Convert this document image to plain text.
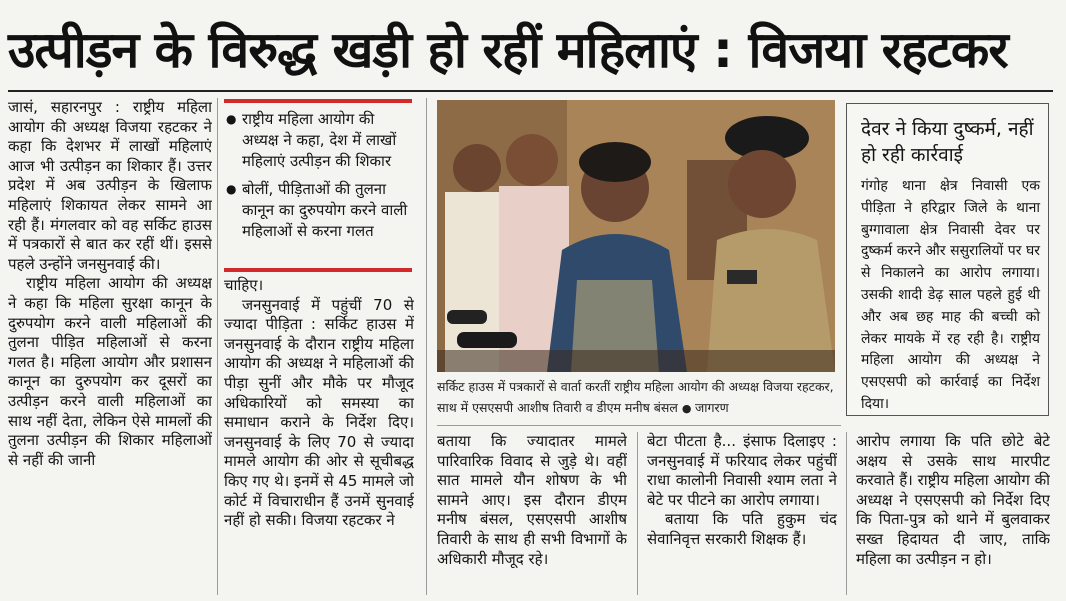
उत्पीड़न के विरुद्ध खड़ी हो रहीं महिलाएं : विजया रहटकर

जासं, सहारनपुर : राष्ट्रीय महिला आयोग की अध्यक्ष विजया रहटकर ने कहा कि देशभर में लाखों महिलाएं आज भी उत्पीड़न का शिकार हैं। उत्तर प्रदेश में अब उत्पीड़न के खिलाफ महिलाएं शिकायत लेकर सामने आ रही हैं। मंगलवार को वह सर्किट हाउस में पत्रकारों से बात कर रहीं थीं। इससे पहले उन्होंने जनसुनवाई की।

राष्ट्रीय महिला आयोग की अध्यक्ष ने कहा कि महिला सुरक्षा कानून के दुरुपयोग करने वाली महिलाओं की तुलना पीड़ित महिलाओं से करना गलत है। महिला आयोग और प्रशासन कानून का दुरुपयोग कर दूसरों का उत्पीड़न करने वाली महिलाओं का साथ नहीं देता, लेकिन ऐसे मामलों की तुलना उत्पीड़न की शिकार महिलाओं से नहीं की जानी

● राष्ट्रीय महिला आयोग की अध्यक्ष ने कहा, देश में लाखों महिलाएं उत्पीड़न की शिकार
● बोलीं, पीड़िताओं की तुलना कानून का दुरुपयोग करने वाली महिलाओं से करना गलत

चाहिए।

जनसुनवाई में पहुंचीं 70 से ज्यादा पीड़िता : सर्किट हाउस में जनसुनवाई के दौरान राष्ट्रीय महिला आयोग की अध्यक्ष ने महिलाओं की पीड़ा सुनीं और मौके पर मौजूद अधिकारियों को समस्या का समाधान कराने के निर्देश दिए। जनसुनवाई के लिए 70 से ज्यादा मामले आयोग की ओर से सूचीबद्ध किए गए थे। इनमें से 45 मामले जो कोर्ट में विचाराधीन हैं उनमें सुनवाई नहीं हो सकी। विजया रहटकर ने

सर्किट हाउस में पत्रकारों से वार्ता करतीं राष्ट्रीय महिला आयोग की अध्यक्ष विजया रहटकर, साथ में एसएसपी आशीष तिवारी व डीएम मनीष बंसल ● जागरण

बताया कि ज्यादातर मामले पारिवारिक विवाद से जुड़े थे। वहीं सात मामले यौन शोषण के भी सामने आए। इस दौरान डीएम मनीष बंसल, एसएसपी आशीष तिवारी के साथ ही सभी विभागों के अधिकारी मौजूद रहे।

बेटा पीटता है... इंसाफ दिलाइए : जनसुनवाई में फरियाद लेकर पहुंचीं राधा कालोनी निवासी श्याम लता ने बेटे पर पीटने का आरोप लगाया।

बताया कि पति हुकुम चंद सेवानिवृत्त सरकारी शिक्षक हैं।

आरोप लगाया कि पति छोटे बेटे अक्षय से उसके साथ मारपीट करवाते हैं। राष्ट्रीय महिला आयोग की अध्यक्ष ने एसएसपी को निर्देश दिए कि पिता-पुत्र को थाने में बुलवाकर सख्त हिदायत दी जाए, ताकि महिला का उत्पीड़न न हो।

देवर ने किया दुष्कर्म, नहीं हो रही कार्रवाई
गंगोह थाना क्षेत्र निवासी एक पीड़िता ने हरिद्वार जिले के थाना बुग्गावाला क्षेत्र निवासी देवर पर दुष्कर्म करने और ससुरालियों पर घर से निकालने का आरोप लगाया। उसकी शादी डेढ़ साल पहले हुई थी और अब छह माह की बच्ची को लेकर मायके में रह रही है। राष्ट्रीय महिला आयोग की अध्यक्ष ने एसएसपी को कार्रवाई का निर्देश दिया।
